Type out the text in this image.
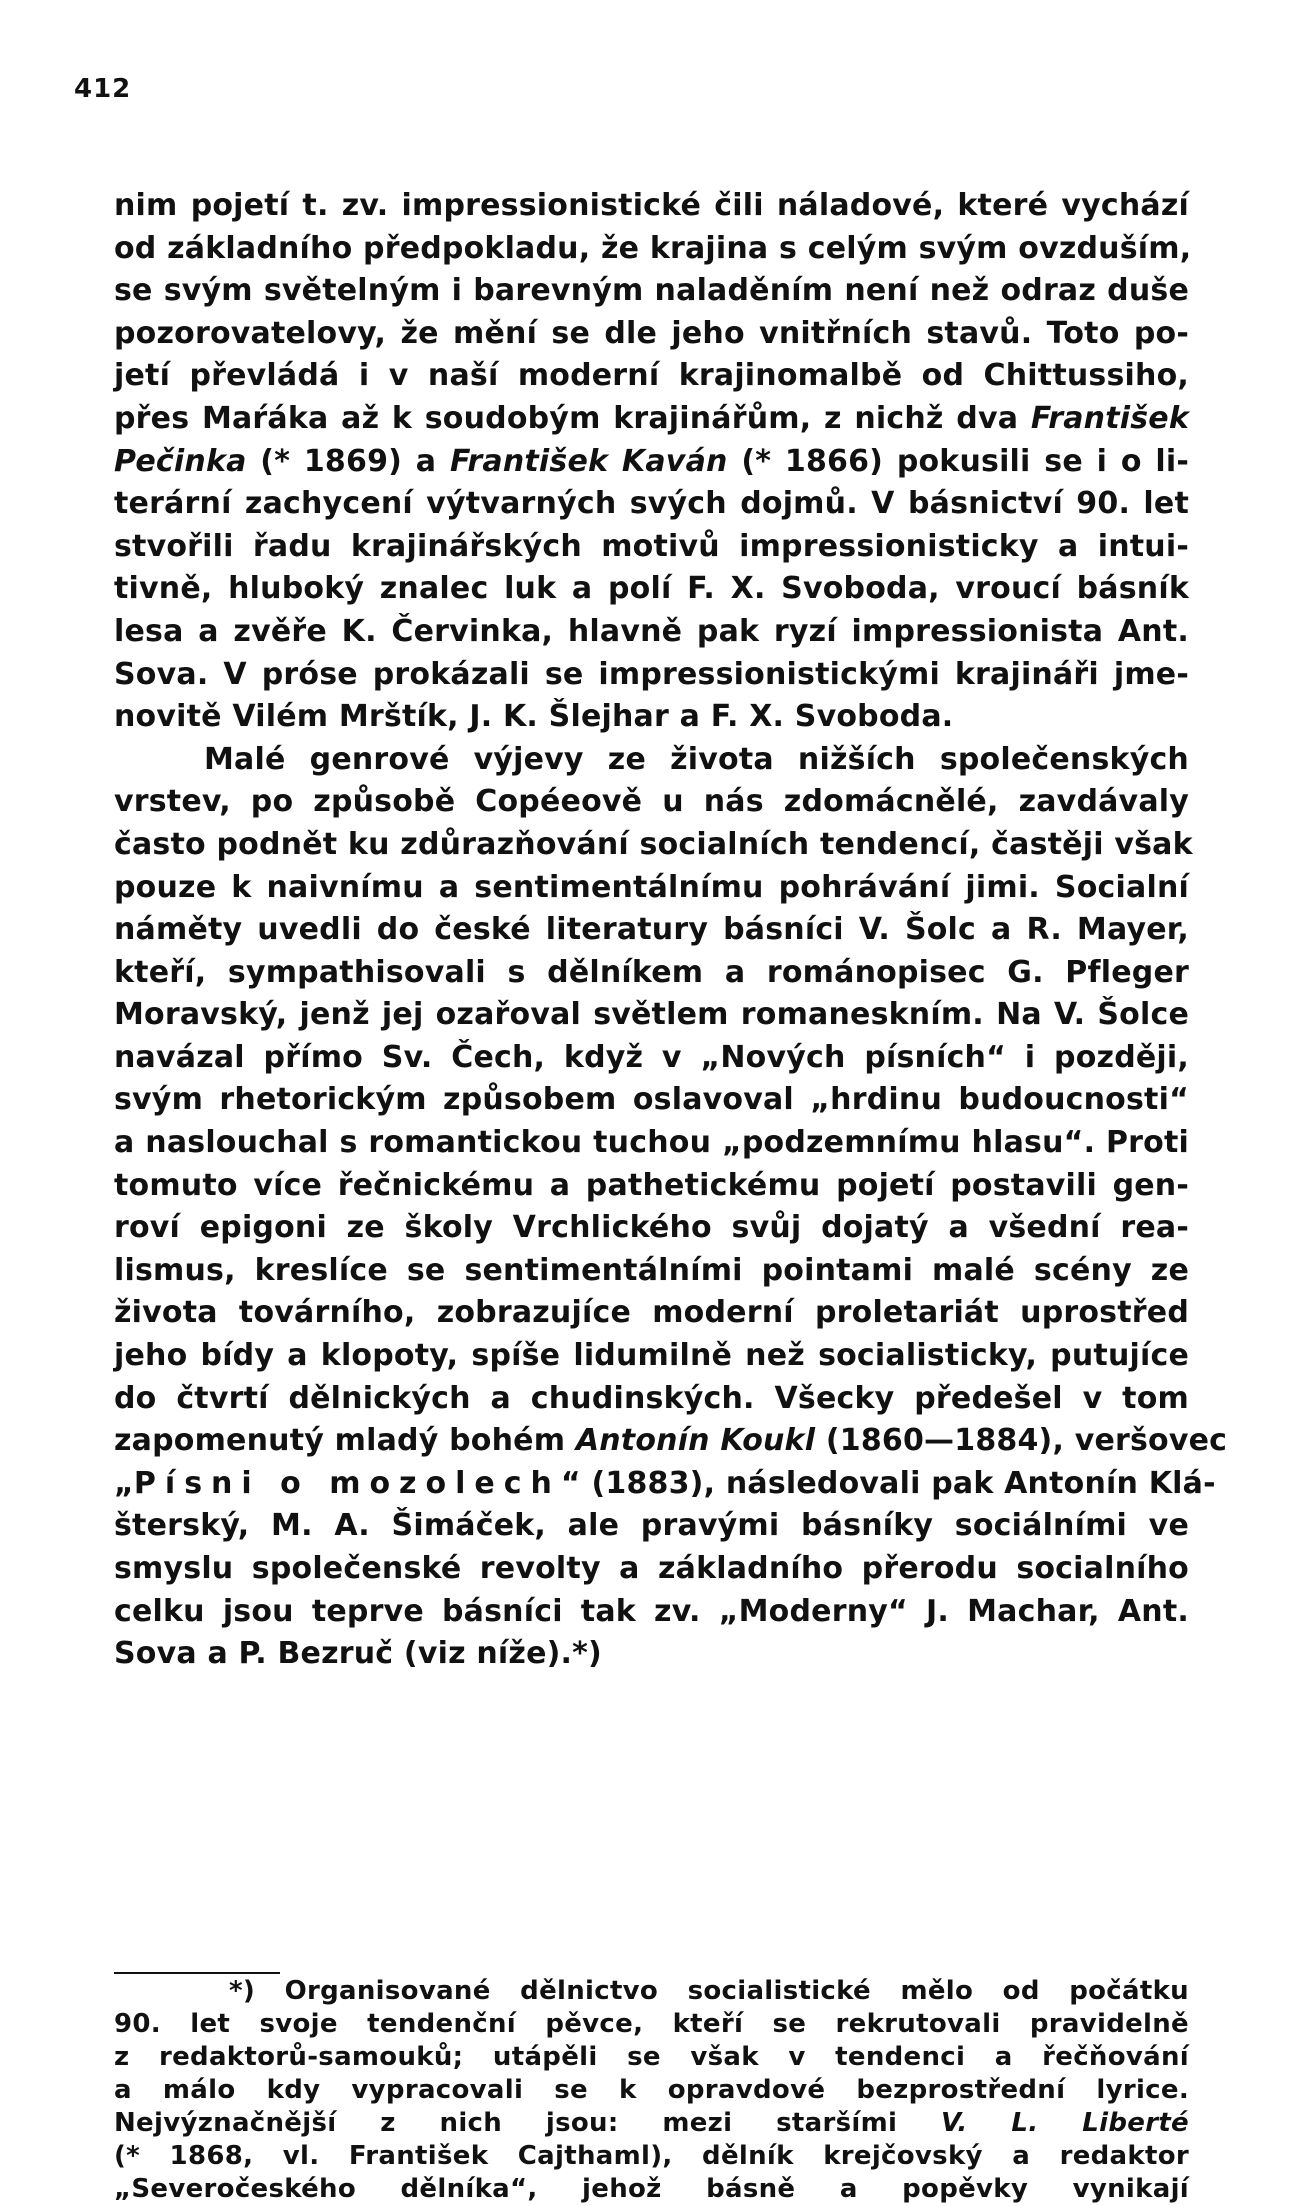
412
nim pojetí t. zv. impressionistické čili náladové, které vychází
od základního předpokladu, že krajina s celým svým ovzduším,
se svým světelným i barevným naladěním není než odraz duše
pozorovatelovy, že mění se dle jeho vnitřních stavů. Toto po-
jetí převládá i v naší moderní krajinomalbě od Chittussiho,
přes Maŕáka až k soudobým krajinářům, z nichž dva František
Pečinka (* 1869) a František Kaván (* 1866) pokusili se i o li-
terární zachycení výtvarných svých dojmů. V básnictví 90. let
stvořili řadu krajinářských motivů impressionisticky a intui-
tivně, hluboký znalec luk a polí F. X. Svoboda, vroucí básník
lesa a zvěře K. Červinka, hlavně pak ryzí impressionista Ant.
Sova. V próse prokázali se impressionistickými krajináři jme-
novitě Vilém Mrštík, J. K. Šlejhar a F. X. Svoboda.
Malé genrové výjevy ze života nižších společenských
vrstev, po způsobě Copéeově u nás zdomácnělé, zavdávaly
často podnět ku zdůrazňování socialních tendencí, častěji však
pouze k naivnímu a sentimentálnímu pohrávání jimi. Socialní
náměty uvedli do české literatury básníci V. Šolc a R. Mayer,
kteří, sympathisovali s dělníkem a románopisec G. Pfleger
Moravský, jenž jej ozařoval světlem romaneskním. Na V. Šolce
navázal přímo Sv. Čech, když v „Nových písních“ i později,
svým rhetorickým způsobem oslavoval „hrdinu budoucnosti“
a naslouchal s romantickou tuchou „podzemnímu hlasu“. Proti
tomuto více řečnickému a pathetickému pojetí postavili gen-
roví epigoni ze školy Vrchlického svůj dojatý a všední rea-
lismus, kreslíce se sentimentálními pointami malé scény ze
života továrního, zobrazujíce moderní proletariát uprostřed
jeho bídy a klopoty, spíše lidumilně než socialisticky, putujíce
do čtvrtí dělnických a chudinských. Všecky předešel v tom
zapomenutý mladý bohém Antonín Koukl (1860—1884), veršovec
„Písni o mozolech“ (1883), následovali pak Antonín Klá-
šterský, M. A. Šimáček, ale pravými básníky sociálními ve
smyslu společenské revolty a základního přerodu socialního
celku jsou teprve básníci tak zv. „Moderny“ J. Machar, Ant.
Sova a P. Bezruč (viz níže).*)
*) Organisované dělnictvo socialistické mělo od počátku
90. let svoje tendenční pěvce, kteří se rekrutovali pravidelně
z redaktorů-samouků; utápěli se však v tendenci a řečňování
a málo kdy vypracovali se k opravdové bezprostřední lyrice.
Nejvýznačnější z nich jsou: mezi staršími V. L. Liberté
(* 1868, vl. František Cajthaml), dělník krejčovský a redaktor
„Severočeského dělníka“, jehož básně a popěvky vynikají
